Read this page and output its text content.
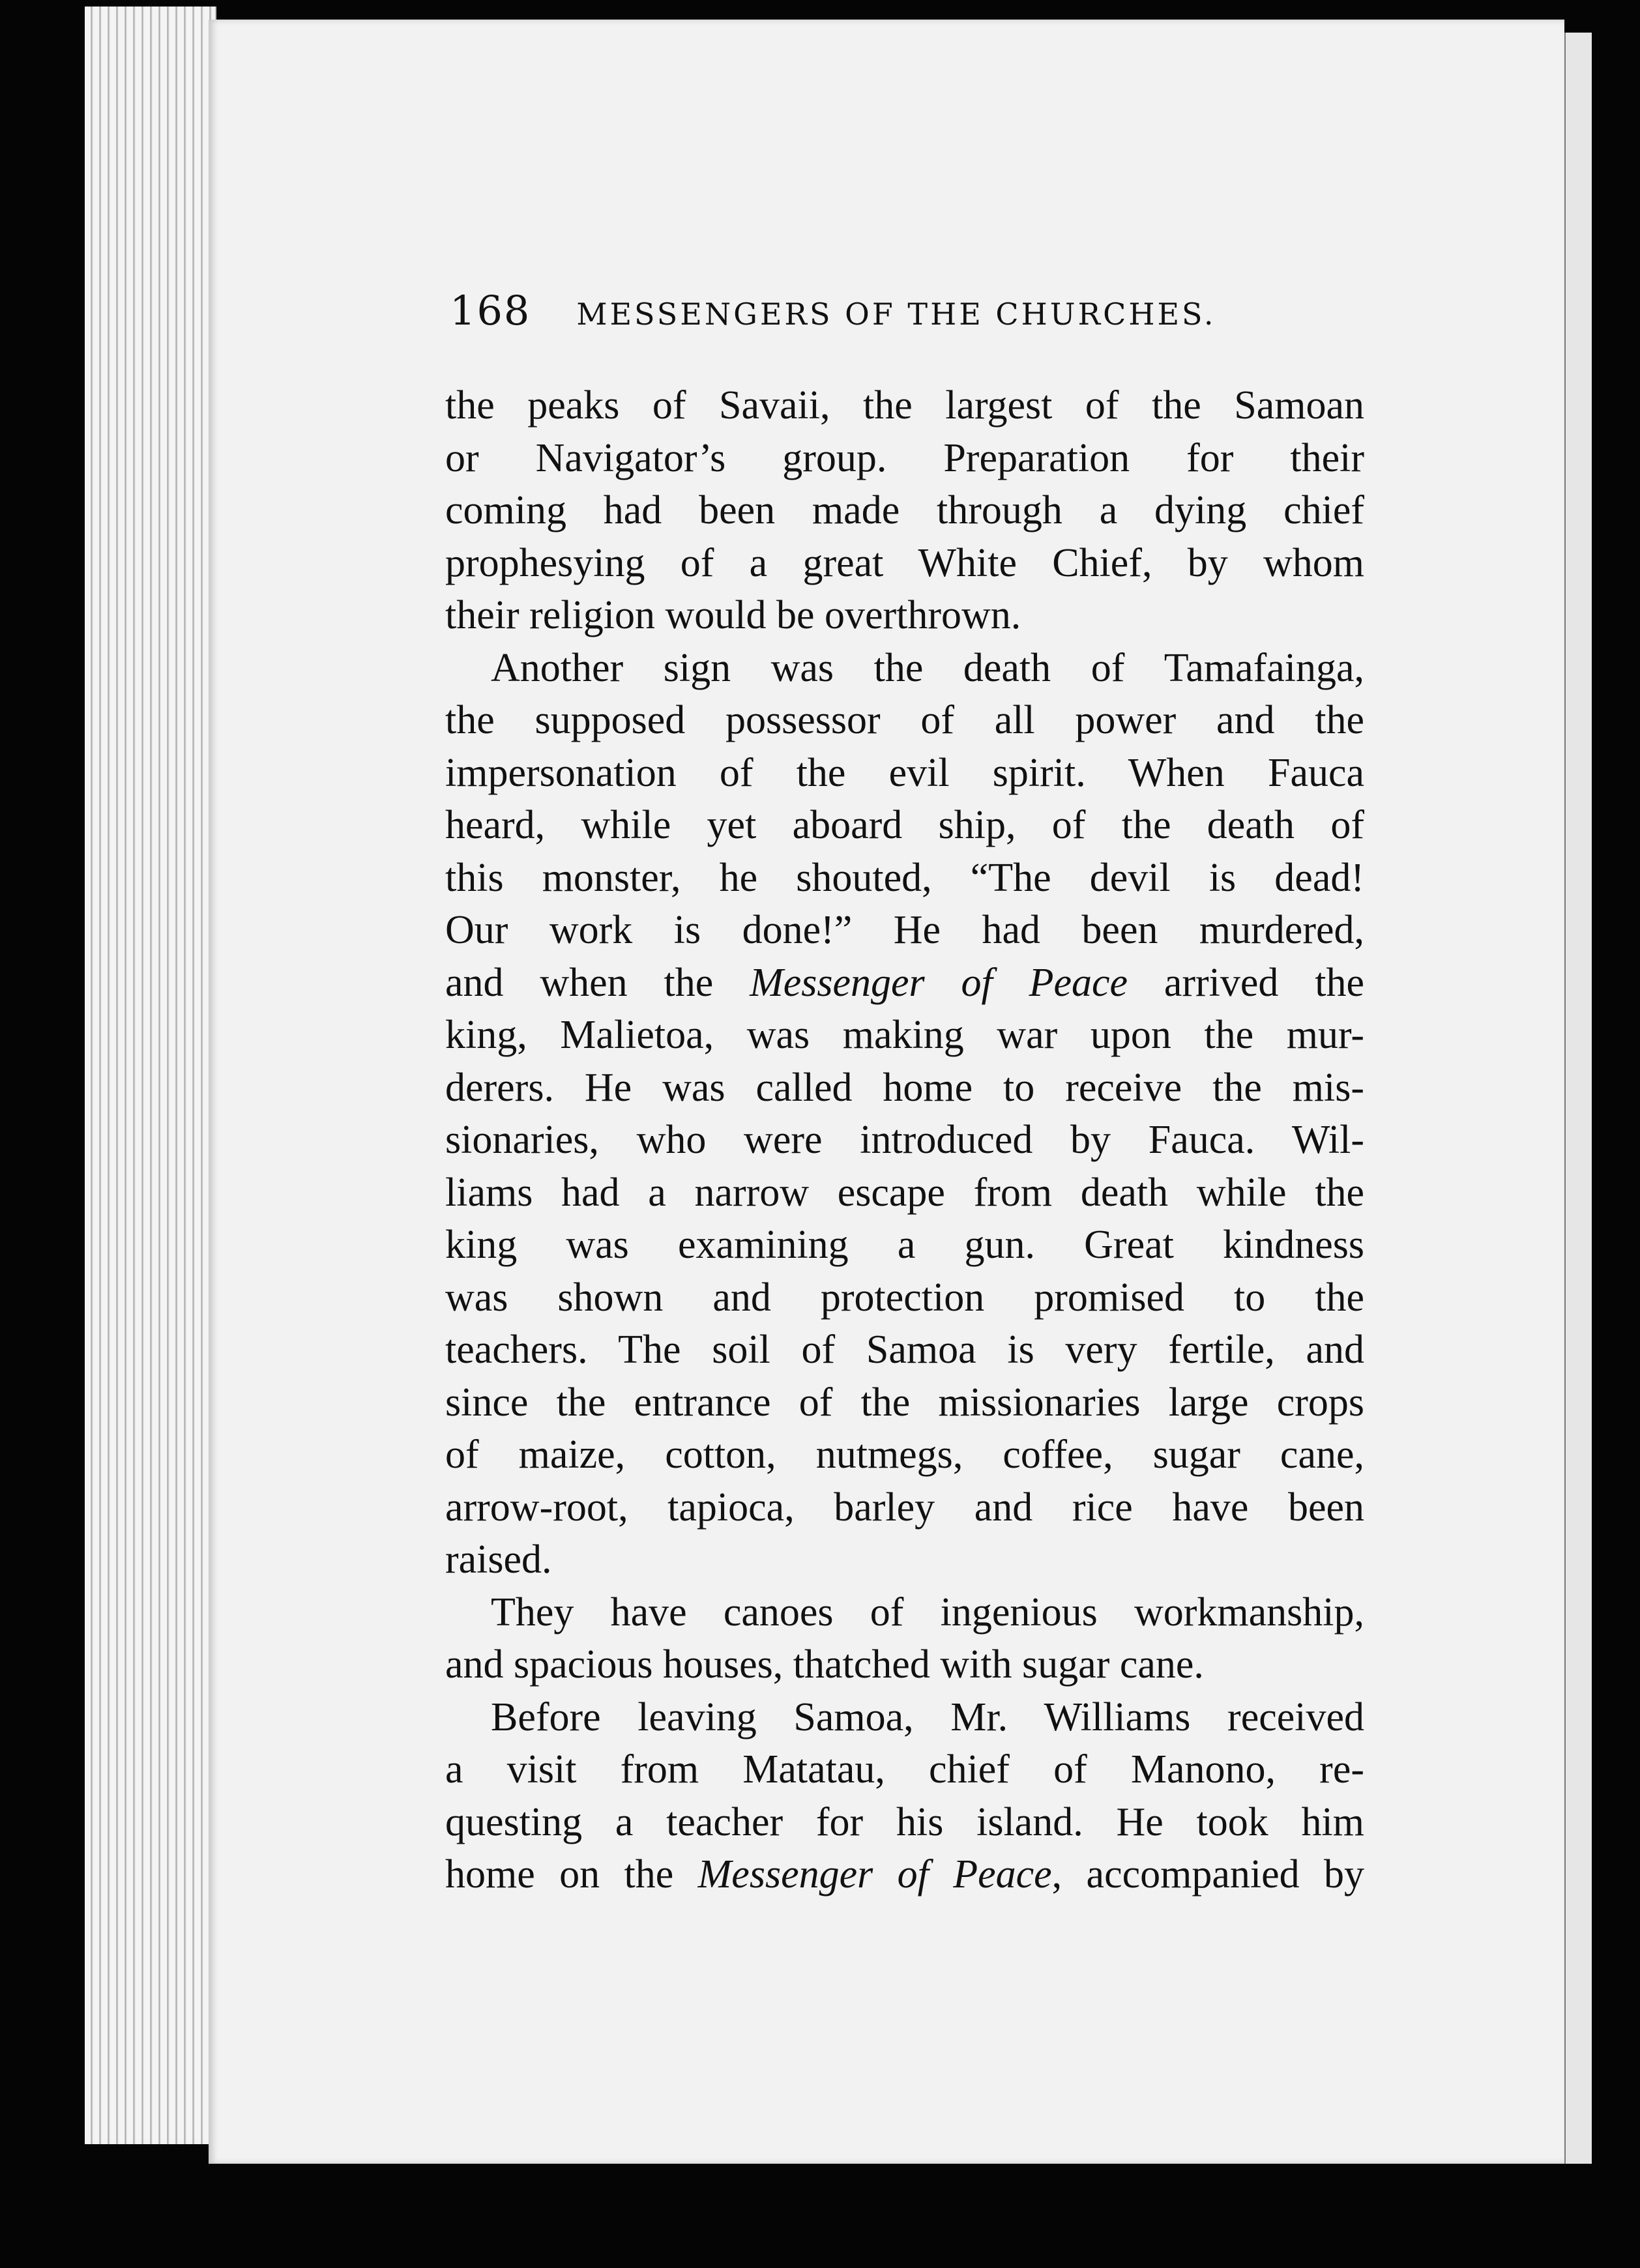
168 MESSENGERS OF THE CHURCHES.
the peaks of Savaii, the largest of the Samoan
or Navigator’s group. Preparation for their
coming had been made through a dying chief
prophesying of a great White Chief, by whom
their religion would be overthrown.
Another sign was the death of Tamafainga,
the supposed possessor of all power and the
impersonation of the evil spirit. When Fauca
heard, while yet aboard ship, of the death of
this monster, he shouted, “The devil is dead!
Our work is done!” He had been murdered,
and when the Messenger of Peace arrived the
king, Malietoa, was making war upon the mur-
derers. He was called home to receive the mis-
sionaries, who were introduced by Fauca. Wil-
liams had a narrow escape from death while the
king was examining a gun. Great kindness
was shown and protection promised to the
teachers. The soil of Samoa is very fertile, and
since the entrance of the missionaries large crops
of maize, cotton, nutmegs, coffee, sugar cane,
arrow-root, tapioca, barley and rice have been
raised.
They have canoes of ingenious workmanship,
and spacious houses, thatched with sugar cane.
Before leaving Samoa, Mr. Williams received
a visit from Matatau, chief of Manono, re-
questing a teacher for his island. He took him
home on the Messenger of Peace, accompanied by
